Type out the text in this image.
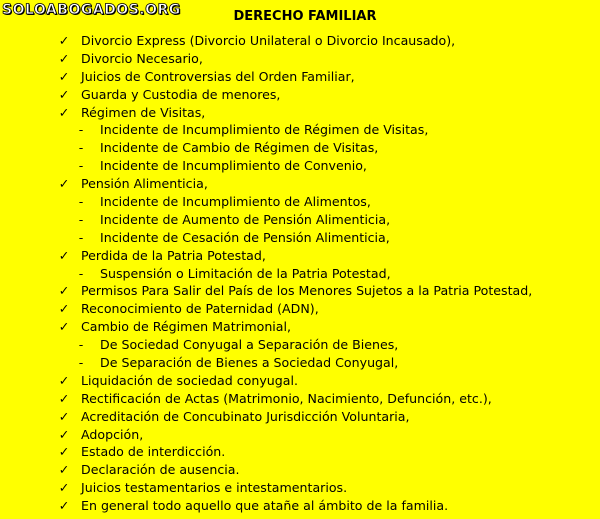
SOLOABOGADOS.ORG	DERECHO FAMILIAR
✓ Divorcio Express (Divorcio Unilateral o Divorcio Incausado),
✓ Divorcio Necesario,
✓ Juicios de Controversias del Orden Familiar,
✓ Guarda y Custodia de menores,
✓ Régimen de Visitas,
- Incidente de Incumplimiento de Régimen de Visitas,
- Incidente de Cambio de Régimen de Visitas,
- Incidente de Incumplimiento de Convenio,
✓ Pensión Alimenticia,
- Incidente de Incumplimiento de Alimentos,
- Incidente de Aumento de Pensión Alimenticia,
- Incidente de Cesación de Pensión Alimenticia,
✓ Perdida de la Patria Potestad,
- Suspensión o Limitación de la Patria Potestad,
✓ Permisos Para Salir del País de los Menores Sujetos a la Patria Potestad,
✓ Reconocimiento de Paternidad (ADN),
✓ Cambio de Régimen Matrimonial,
- De Sociedad Conyugal a Separación de Bienes,
- De Separación de Bienes a Sociedad Conyugal,
✓ Liquidación de sociedad conyugal.
✓ Rectificación de Actas (Matrimonio, Nacimiento, Defunción, etc.),
✓ Acreditación de Concubinato Jurisdicción Voluntaria,
✓ Adopción,
✓ Estado de interdicción.
✓ Declaración de ausencia.
✓ Juicios testamentarios e intestamentarios.
✓ En general todo aquello que atañe al ámbito de la familia.
